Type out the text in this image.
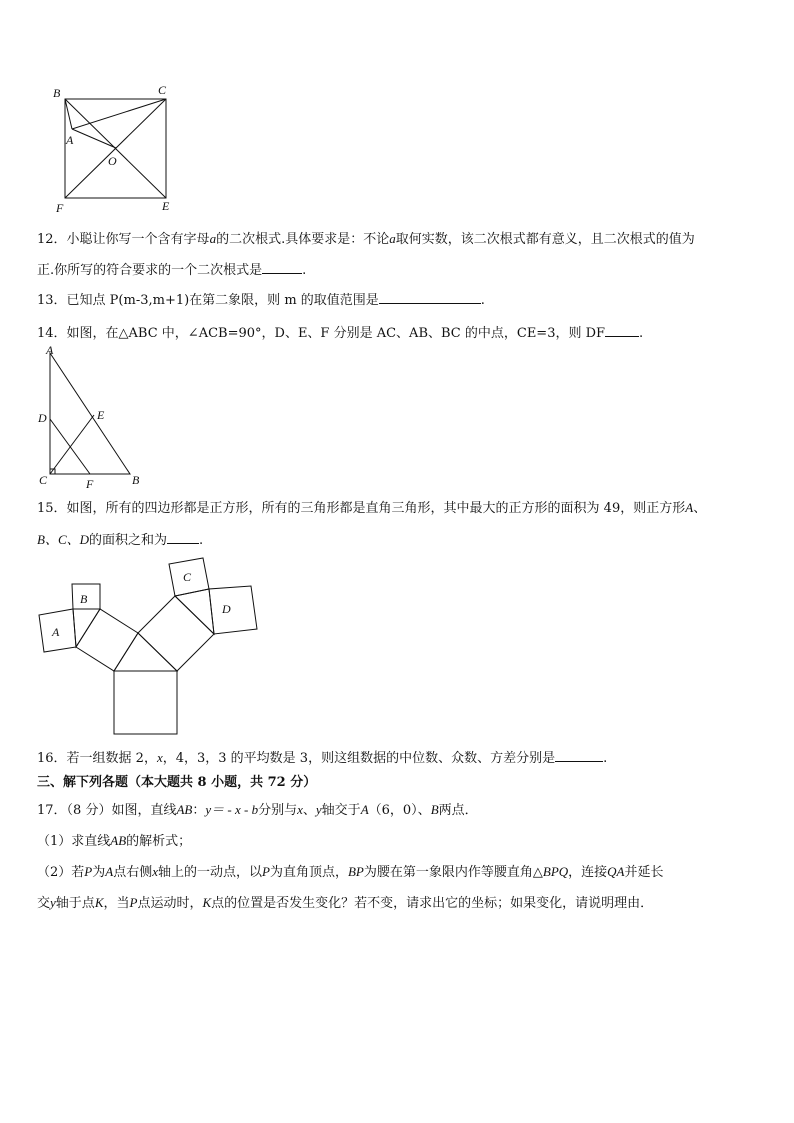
B	C
A
O
F	E
12．小聪让你写一个含有字母a的二次根式.具体要求是：不论a取何实数，该二次根式都有意义，且二次根式的值为
正.你所写的符合要求的一个二次根式是	.
13．已知点 P(m-3,m+1)在第二象限，则 m 的取值范围是	.
14．如图，在△ABC 中，∠ACB=90°，D、E、F 分别是 AC、AB、BC 的中点，CE=3，则 DF	.
A
D	E
C	F	B
15．如图，所有的四边形都是正方形，所有的三角形都是直角三角形，其中最大的正方形的面积为 49，则正方形A、
B、C、D的面积之和为 .
A
B
C
D
16．若一组数据 2，x，4，3，3 的平均数是 3，则这组数据的中位数、众数、方差分别是	.
三、解下列各题（本大题共 8 小题，共 72 分）
17．（8 分）如图，直线AB：y＝ - x - b分别与x、y轴交于A（6，0）、B两点．
（1）求直线AB的解析式；
（2）若P为A点右侧x轴上的一动点，以P为直角顶点，BP为腰在第一象限内作等腰直角△BPQ，连接QA并延长
交y轴于点K，当P点运动时，K点的位置是否发生变化？若不变，请求出它的坐标；如果变化，请说明理由．
